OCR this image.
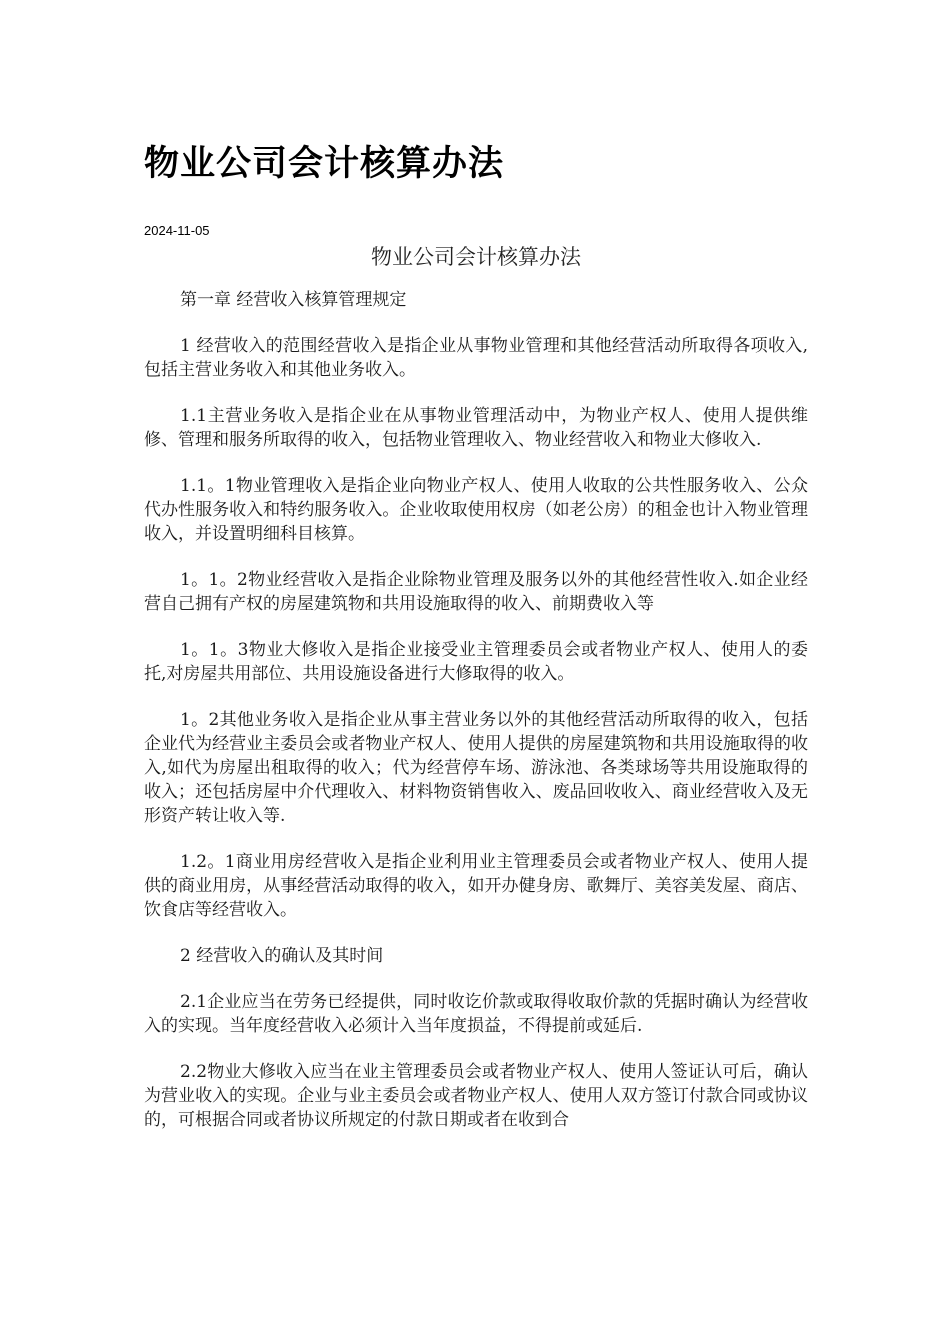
物业公司会计核算办法
2024-11-05
物业公司会计核算办法

第一章 经营收入核算管理规定

1 经营收入的范围经营收入是指企业从事物业管理和其他经营活动所取得各项收入,包括主营业务收入和其他业务收入。

1.1主营业务收入是指企业在从事物业管理活动中，为物业产权人、使用人提供维修、管理和服务所取得的收入，包括物业管理收入、物业经营收入和物业大修收入.

1.1。1物业管理收入是指企业向物业产权人、使用人收取的公共性服务收入、公众代办性服务收入和特约服务收入。企业收取使用权房（如老公房）的租金也计入物业管理收入，并设置明细科目核算。

1。1。2物业经营收入是指企业除物业管理及服务以外的其他经营性收入.如企业经营自己拥有产权的房屋建筑物和共用设施取得的收入、前期费收入等

1。1。3物业大修收入是指企业接受业主管理委员会或者物业产权人、使用人的委托,对房屋共用部位、共用设施设备进行大修取得的收入。

1。2其他业务收入是指企业从事主营业务以外的其他经营活动所取得的收入，包括企业代为经营业主委员会或者物业产权人、使用人提供的房屋建筑物和共用设施取得的收入,如代为房屋出租取得的收入；代为经营停车场、游泳池、各类球场等共用设施取得的收入；还包括房屋中介代理收入、材料物资销售收入、废品回收收入、商业经营收入及无形资产转让收入等.

1.2。1商业用房经营收入是指企业利用业主管理委员会或者物业产权人、使用人提供的商业用房，从事经营活动取得的收入，如开办健身房、歌舞厅、美容美发屋、商店、饮食店等经营收入。

2 经营收入的确认及其时间

2.1企业应当在劳务已经提供，同时收讫价款或取得收取价款的凭据时确认为经营收入的实现。当年度经营收入必须计入当年度损益，不得提前或延后.

2.2物业大修收入应当在业主管理委员会或者物业产权人、使用人签证认可后，确认为营业收入的实现。企业与业主委员会或者物业产权人、使用人双方签订付款合同或协议的，可根据合同或者协议所规定的付款日期或者在收到合
